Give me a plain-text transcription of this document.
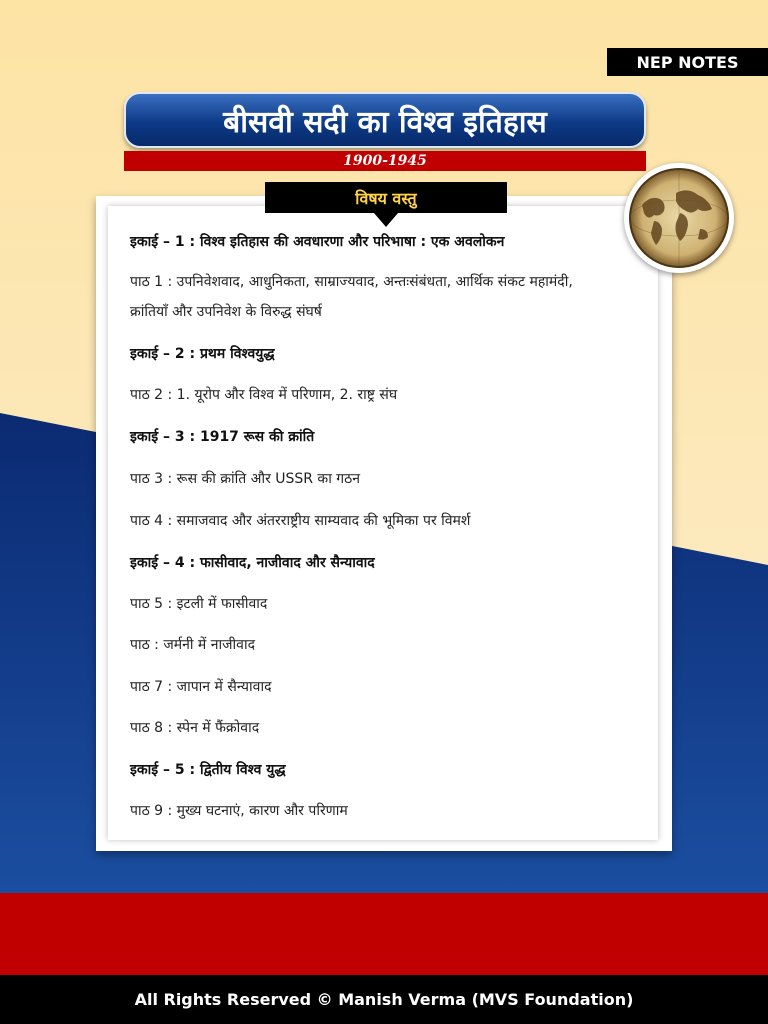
NEP NOTES
बीसवी सदी का विश्व इतिहास
1900-1945
विषय वस्तु
इकाई – 1 : विश्व इतिहास की अवधारणा और परिभाषा : एक अवलोकन
पाठ 1 : उपनिवेशवाद, आधुनिकता, साम्राज्यवाद, अन्तःसंबंधता, आर्थिक संकट महामंदी,
क्रांतियाँ और उपनिवेश के विरुद्ध संघर्ष
इकाई – 2 : प्रथम विश्वयुद्ध
पाठ 2 : 1. यूरोप और विश्व में परिणाम, 2. राष्ट्र संघ
इकाई – 3 : 1917 रूस की क्रांति
पाठ 3 : रूस की क्रांति और USSR का गठन
पाठ 4 : समाजवाद और अंतरराष्ट्रीय साम्यवाद की भूमिका पर विमर्श
इकाई – 4 : फासीवाद, नाजीवाद और सैन्यावाद
पाठ 5 : इटली में फासीवाद
पाठ : जर्मनी में नाजीवाद
पाठ 7 : जापान में सैन्यावाद
पाठ 8 : स्पेन में फैंक्रोवाद
इकाई – 5 : द्वितीय विश्व युद्ध
पाठ 9 : मुख्य घटनाएं, कारण और परिणाम
All Rights Reserved © Manish Verma (MVS Foundation)
